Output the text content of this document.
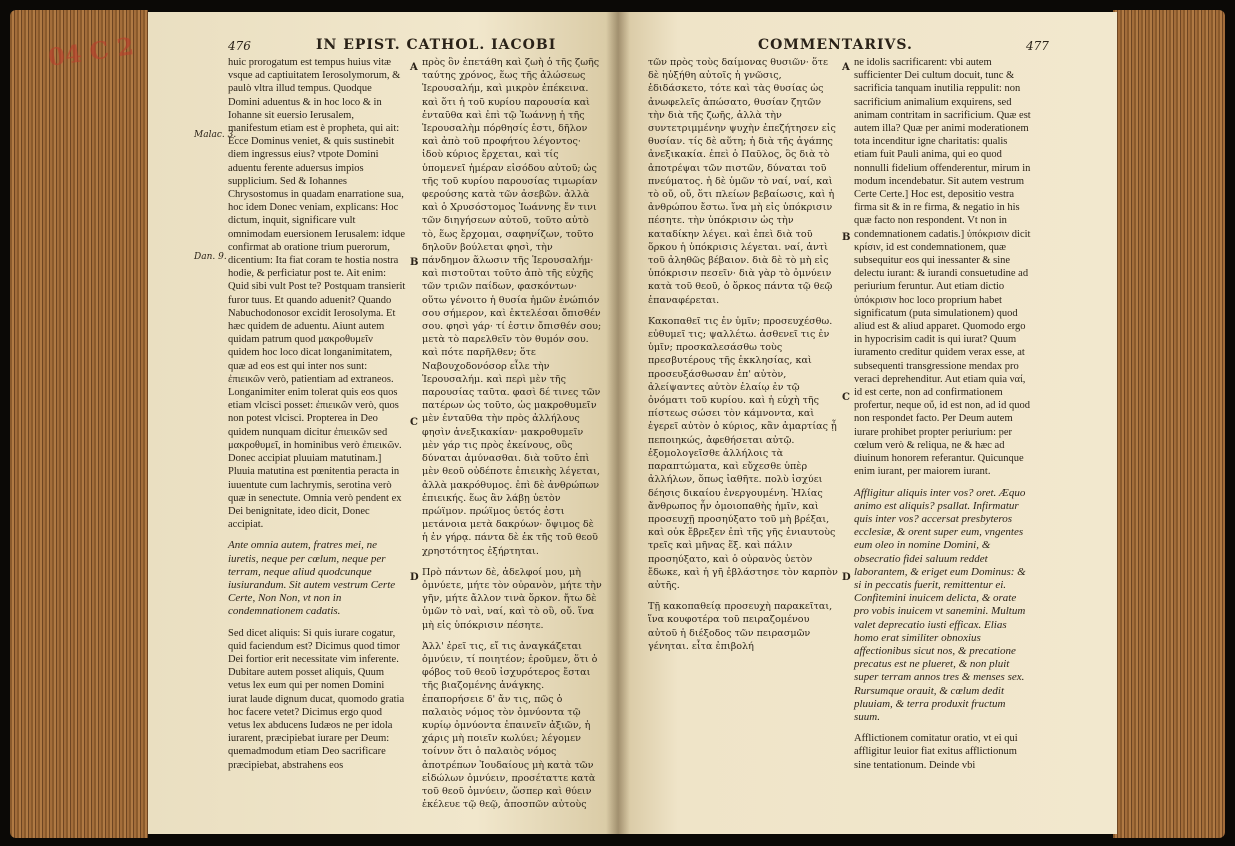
04 C 2	476	IN EPIST. CATHOL. IACOBI
Malac. 3.
Dan. 9.

huic prorogatum est tempus huius vitæ vsque ad captiuitatem Ierosolymorum, & paulò vltra illud tempus. Quodque Domini aduentus & in hoc loco & in Iohanne sit euersio Ierusalem, manifestum etiam est è propheta, qui ait: Ecce Dominus veniet, & quis sustinebit diem ingressus eius? vtpote Domini aduentu ferente aduersus impios supplicium. Sed & Iohannes Chrysostomus in quadam enarratione sua, hoc idem Donec veniam, explicans: Hoc dictum, inquit, significare vult omnimodam euersionem Ierusalem: idque confirmat ab oratione trium puerorum, dicentium: Ita fiat coram te hostia nostra hodie, & perficiatur post te. Ait enim: Quid sibi vult Post te? Postquam transierit furor tuus. Et quando aduenit? Quando Nabuchodonosor excidit Ierosolyma. Et hæc quidem de aduentu. Aiunt autem quidam patrum quod μακροθυμεῖν quidem hoc loco dicat longanimitatem, quæ ad eos est qui inter nos sunt: ἐπιεικῶν verò, patientiam ad extraneos. Longanimiter enim tolerat quis eos quos etiam vlcisci posset: ἐπιεικῶν verò, quos non potest vlcisci. Propterea in Deo quidem nunquam dicitur ἐπιεικῶν sed μακροθυμεῖ, in hominibus verò ἐπιεικῶν. Donec accipiat pluuiam matutinam.] Pluuia matutina est pœnitentia peracta in iuuentute cum lachrymis, serotina verò quæ in senectute. Omnia verò pendent ex Dei benignitate, ideo dicit, Donec accipiat.

Ante omnia autem, fratres mei, ne iuretis, neque per cœlum, neque per terram, neque aliud quodcunque iusiurandum. Sit autem vestrum Certe Certe, Non Non, vt non in condemnationem cadatis.

Sed dicet aliquis: Si quis iurare cogatur, quid faciendum est? Dicimus quod timor Dei fortior erit necessitate vim inferente. Dubitare autem posset aliquis, Quum vetus lex eum qui per nomen Domini iurat laude dignum ducat, quomodo gratia hoc facere vetet? Dicimus ergo quod vetus lex abducens Iudæos ne per idola iurarent, præcipiebat iurare per Deum: quemadmodum etiam Deo sacrificare præcipiebat, abstrahens eos

A
B
C
D

πρὸς ὃν ἐπετάθη καὶ ζωὴ ὁ τῆς ζωῆς ταύτης χρόνος, ἕως τῆς ἁλώσεως Ἱερουσαλήμ, καὶ μικρὸν ἐπέκεινα. καὶ ὅτι ἡ τοῦ κυρίου παρουσία καὶ ἐνταῦθα καὶ ἐπὶ τῷ Ἰωάννῃ ἡ τῆς Ἱερουσαλὴμ πόρθησίς ἐστι, δῆλον καὶ ἀπὸ τοῦ προφήτου λέγοντος· ἰδοὺ κύριος ἔρχεται, καὶ τίς ὑπομενεῖ ἡμέραν εἰσόδου αὐτοῦ; ὡς τῆς τοῦ κυρίου παρουσίας τιμωρίαν φερούσης κατὰ τῶν ἀσεβῶν. ἀλλὰ καὶ ὁ Χρυσόστομος Ἰωάννης ἔν τινι τῶν διηγήσεων αὐτοῦ, τοῦτο αὐτὸ τὸ, ἕως ἔρχομαι, σαφηνίζων, τοῦτο δηλοῦν βούλεται φησὶ, τὴν πάνδημον ἅλωσιν τῆς Ἱερουσαλήμ· καὶ πιστοῦται τοῦτο ἀπὸ τῆς εὐχῆς τῶν τριῶν παίδων, φασκόντων· οὕτω γένοιτο ἡ θυσία ἡμῶν ἐνώπιόν σου σήμερον, καὶ ἐκτελέσαι ὄπισθέν σου. φησὶ γάρ· τί ἐστιν ὄπισθέν σου; μετὰ τὸ παρελθεῖν τὸν θυμόν σου. καὶ πότε παρῆλθεν; ὅτε Ναβουχοδονόσορ εἷλε τὴν Ἱερουσαλήμ. καὶ περὶ μὲν τῆς παρουσίας ταῦτα. φασὶ δέ τινες τῶν πατέρων ὡς τοῦτο, ὡς μακροθυμεῖν μὲν ἐνταῦθα τὴν πρὸς ἀλλήλους φησὶν ἀνεξικακίαν· μακροθυμεῖν μὲν γάρ τις πρὸς ἐκείνους, οὓς δύναται ἀμύνασθαι. διὰ τοῦτο ἐπὶ μὲν θεοῦ οὐδέποτε ἐπιεικὴς λέγεται, ἀλλὰ μακρόθυμος. ἐπὶ δὲ ἀνθρώπων ἐπιεικής. ἕως ἂν λάβῃ ὑετὸν πρώϊμον. πρώϊμος ὑετός ἐστι μετάνοια μετὰ δακρύων· ὄψιμος δὲ ἡ ἐν γήρᾳ. πάντα δὲ ἐκ τῆς τοῦ θεοῦ χρηστότητος ἐξήρτηται.

Πρὸ πάντων δὲ, ἀδελφοί μου, μὴ ὀμνύετε, μήτε τὸν οὐρανὸν, μήτε τὴν γῆν, μήτε ἄλλον τινὰ ὅρκον. ἤτω δὲ ὑμῶν τὸ ναὶ, ναί, καὶ τὸ οὒ, οὔ. ἵνα μὴ εἰς ὑπόκρισιν πέσητε.

Ἀλλ' ἐρεῖ τις, εἴ τις ἀναγκάζεται ὀμνύειν, τί ποιητέον; ἐροῦμεν, ὅτι ὁ φόβος τοῦ θεοῦ ἰσχυρότερος ἔσται τῆς βιαζομένης ἀνάγκης. ἐπαπορήσειε δ' ἄν τις, πῶς ὁ παλαιὸς νόμος τὸν ὀμνύοντα τῷ κυρίῳ ὀμνύοντα ἐπαινεῖν ἀξιῶν, ἡ χάρις μὴ ποιεῖν κωλύει; λέγομεν τοίνυν ὅτι ὁ παλαιὸς νόμος ἀποτρέπων Ἰουδαίους μὴ κατὰ τῶν εἰδώλων ὀμνύειν, προσέταττε κατὰ τοῦ θεοῦ ὀμνύειν, ὥσπερ καὶ θύειν ἐκέλευε τῷ θεῷ, ἀποσπῶν αὐτοὺς

COMMENTARIVS.	477

τῶν πρὸς τοὺς δαίμονας θυσιῶν· ὅτε δὲ ηὐξήθη αὐτοῖς ἡ γνῶσις, ἐδιδάσκετο, τότε καὶ τὰς θυσίας ὡς ἀνωφελεῖς ἀπώσατο, θυσίαν ζητῶν τὴν διὰ τῆς ζωῆς, ἀλλὰ τὴν συντετριμμένην ψυχὴν ἐπεζήτησεν εἰς θυσίαν. τίς δὲ αὕτη; ἡ διὰ τῆς ἀγάπης ἀνεξικακία. ἐπεὶ ὁ Παῦλος, ὃς διὰ τὸ ἀποτρέψαι τῶν πιστῶν, δύναται τοῦ πνεύματος. ἡ δὲ ὑμῶν τὸ ναί, ναί, καὶ τὸ οὔ, οὔ, ὅτι πλείων βεβαίωσις, καὶ ἡ ἀνθρώπου ἔστω. ἵνα μὴ εἰς ὑπόκρισιν πέσητε. τὴν ὑπόκρισιν ὡς τὴν καταδίκην λέγει. καὶ ἐπεὶ διὰ τοῦ ὅρκου ἡ ὑπόκρισις λέγεται. ναί, ἀντὶ τοῦ ἀληθῶς βέβαιον. διὰ δὲ τὸ μὴ εἰς ὑπόκρισιν πεσεῖν· διὰ γὰρ τὸ ὀμνύειν κατὰ τοῦ θεοῦ, ὁ ὅρκος πάντα τῷ θεῷ ἐπαναφέρεται.

Κακοπαθεῖ τις ἐν ὑμῖν; προσευχέσθω. εὐθυμεῖ τις; ψαλλέτω. ἀσθενεῖ τις ἐν ὑμῖν; προσκαλεσάσθω τοὺς πρεσβυτέρους τῆς ἐκκλησίας, καὶ προσευξάσθωσαν ἐπ' αὐτὸν, ἀλείψαντες αὐτὸν ἐλαίῳ ἐν τῷ ὀνόματι τοῦ κυρίου. καὶ ἡ εὐχὴ τῆς πίστεως σώσει τὸν κάμνοντα, καὶ ἐγερεῖ αὐτὸν ὁ κύριος, κἂν ἁμαρτίας ᾖ πεποιηκώς, ἀφεθήσεται αὐτῷ. ἐξομολογεῖσθε ἀλλήλοις τὰ παραπτώματα, καὶ εὔχεσθε ὑπὲρ ἀλλήλων, ὅπως ἰαθῆτε. πολὺ ἰσχύει δέησις δικαίου ἐνεργουμένη. Ἠλίας ἄνθρωπος ἦν ὁμοιοπαθὴς ἡμῖν, καὶ προσευχῇ προσηύξατο τοῦ μὴ βρέξαι, καὶ οὐκ ἔβρεξεν ἐπὶ τῆς γῆς ἐνιαυτοὺς τρεῖς καὶ μῆνας ἕξ. καὶ πάλιν προσηύξατο, καὶ ὁ οὐρανὸς ὑετὸν ἔδωκε, καὶ ἡ γῆ ἐβλάστησε τὸν καρπὸν αὐτῆς.

Τῇ κακοπαθείᾳ προσευχὴ παρακεῖται, ἵνα κουφοτέρα τοῦ πειραζομένου αὐτοῦ ἡ διέξοδος τῶν πειρασμῶν γένηται. εἶτα ἐπιβολή

A
B
C
D

ne idolis sacrificarent: vbi autem sufficienter Dei cultum docuit, tunc & sacrificia tanquam inutilia reppulit: non sacrificium animalium exquirens, sed animam contritam in sacrificium. Quæ est autem illa? Quæ per animi moderationem tota incenditur igne charitatis: qualis etiam fuit Pauli anima, qui eo quod nonnulli fidelium offenderentur, mirum in modum incendebatur. Sit autem vestrum Certe Certe.] Hoc est, depositio vestra firma sit & in re firma, & negatio in his quæ facto non respondent. Vt non in condemnationem cadatis.] ὑπόκρισιν dicit κρίσιν, id est condemnationem, quæ subsequitur eos qui inessanter & sine delectu iurant: & iurandi consuetudine ad periurium feruntur. Aut etiam dictio ὑπόκρισιν hoc loco proprium habet significatum (puta simulationem) quod aliud est & aliud apparet. Quomodo ergo in hypocrisim cadit is qui iurat? Quum iuramento creditur quidem verax esse, at subsequenti transgressione mendax pro veraci deprehenditur. Aut etiam quia ναί, id est certe, non ad confirmationem profertur, neque οὔ, id est non, ad id quod non respondet facto. Per Deum autem iurare prohibet propter periurium: per cœlum verò & reliqua, ne & hæc ad diuinum honorem referantur. Quicunque enim iurant, per maiorem iurant.

Affligitur aliquis inter vos? oret. Æquo animo est aliquis? psallat. Infirmatur quis inter vos? accersat presbyteros ecclesiæ, & orent super eum, vngentes eum oleo in nomine Domini, & obsecratio fidei saluum reddet laborantem, & eriget eum Dominus: & si in peccatis fuerit, remittentur ei. Confitemini inuicem delicta, & orate pro vobis inuicem vt sanemini. Multum valet deprecatio iusti efficax. Elias homo erat similiter obnoxius affectionibus sicut nos, & precatione precatus est ne plueret, & non pluit super terram annos tres & menses sex. Rursumque orauit, & cœlum dedit pluuiam, & terra produxit fructum suum.

Afflictionem comitatur oratio, vt ei qui affligitur leuior fiat exitus afflictionum sine tentationum. Deinde vbi
